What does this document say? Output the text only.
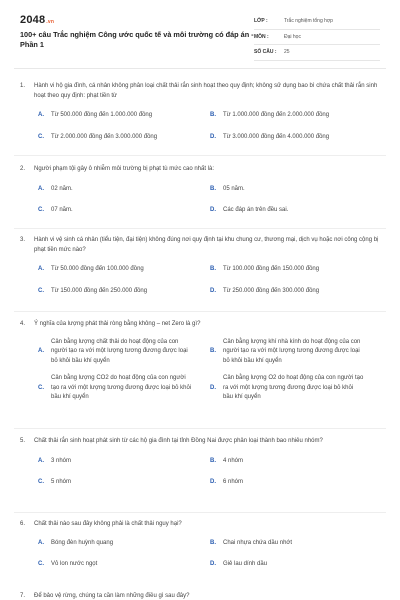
2048.vn
100+ câu Trắc nghiệm Công ước quốc tế và môi trường có đáp án - Phần 1
LỚP :	Trắc nghiệm tổng hợp
MÔN :	Đại học
SỐ CÂU :	25
1.	Hành vi hộ gia đình, cá nhân không phân loại chất thải rắn sinh hoạt theo quy định; không sử dụng bao bì chứa chất thải rắn sinh hoạt theo quy định: phạt tiền từ
A.	Từ 500.000 đồng đến 1.000.000 đồng	B.	Từ 1.000.000 đồng đến 2.000.000 đồng
C.	Từ 2.000.000 đồng đến 3.000.000 đồng	D.	Từ 3.000.000 đồng đến 4.000.000 đồng
2.	Người phạm tội gây ô nhiễm môi trường bị phạt tù mức cao nhất là:
A.	02 năm.	B.	05 năm.
C.	07 năm.	D.	Các đáp án trên đều sai.
3.	Hành vi vệ sinh cá nhân (tiểu tiện, đại tiện) không đúng nơi quy định tại khu chung cư, thương mại, dịch vụ hoặc nơi công cộng bị phạt tiền mức nào?
A.	Từ 50.000 đồng đến 100.000 đồng	B.	Từ 100.000 đồng đến 150.000 đồng
C.	Từ 150.000 đồng đến 250.000 đồng	D.	Từ 250.000 đồng đến 300.000 đồng
4.	Ý nghĩa của lượng phát thải ròng bằng không – net Zero là gì?
A.
Cân bằng lượng chất thải do hoạt động của con người tạo ra với một lượng tương đương được loại bỏ khỏi bầu khí quyển
B.
Cân bằng lượng khí nhà kính do hoạt động của con người tạo ra với một lượng tương đương được loại bỏ khỏi bầu khí quyển
C.
Cân bằng lượng CO2 do hoạt động của con người tạo ra với một lượng tương đương được loại bỏ khỏi bầu khí quyển
D.
Cân bằng lượng O2 do hoạt động của con người tạo ra với một lượng tương đương được loại bỏ khỏi bầu khí quyển
5.	Chất thải rắn sinh hoạt phát sinh từ các hộ gia đình tại tỉnh Đồng Nai được phân loại thành bao nhiêu nhóm?
A.	3 nhóm	B.	4 nhóm
C.	5 nhóm	D.	6 nhóm
6.	Chất thải nào sau đây không phải là chất thải nguy hại?
A.	Bóng đèn huỳnh quang	B.	Chai nhựa chứa dầu nhớt
C.	Vỏ lon nước ngọt	D.	Giẻ lau dính dầu
7.	Để bảo vệ rừng, chúng ta cần làm những điều gì sau đây?
